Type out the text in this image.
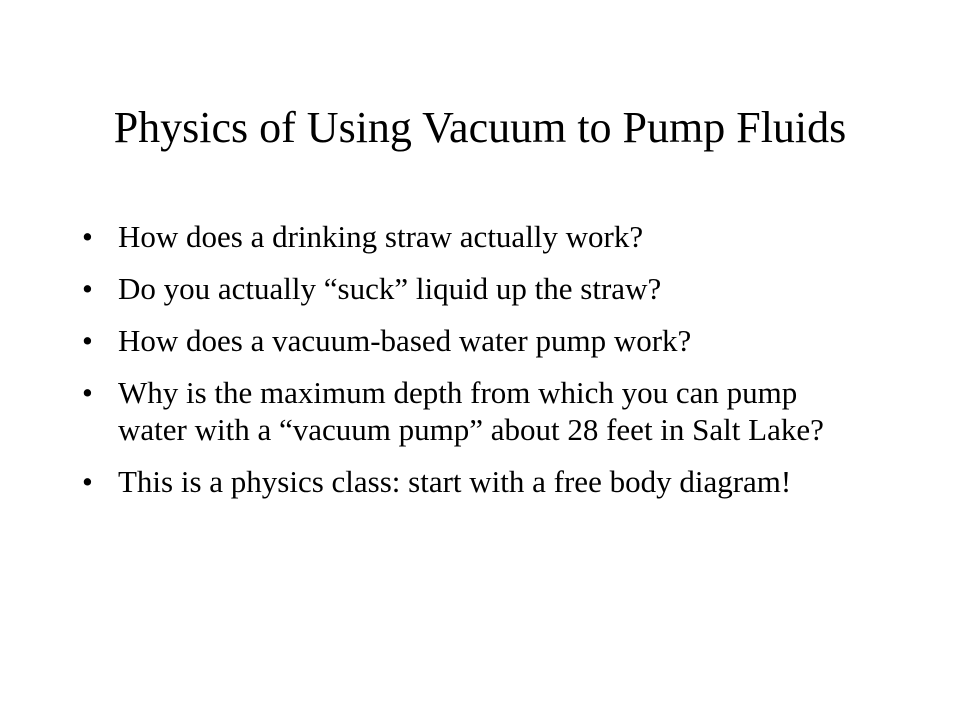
Physics of Using Vacuum to Pump Fluids
• How does a drinking straw actually work?
• Do you actually “suck” liquid up the straw?
• How does a vacuum-based water pump work?
• Why is the maximum depth from which you can pump water with a “vacuum pump” about 28 feet in Salt Lake?
• This is a physics class: start with a free body diagram!
